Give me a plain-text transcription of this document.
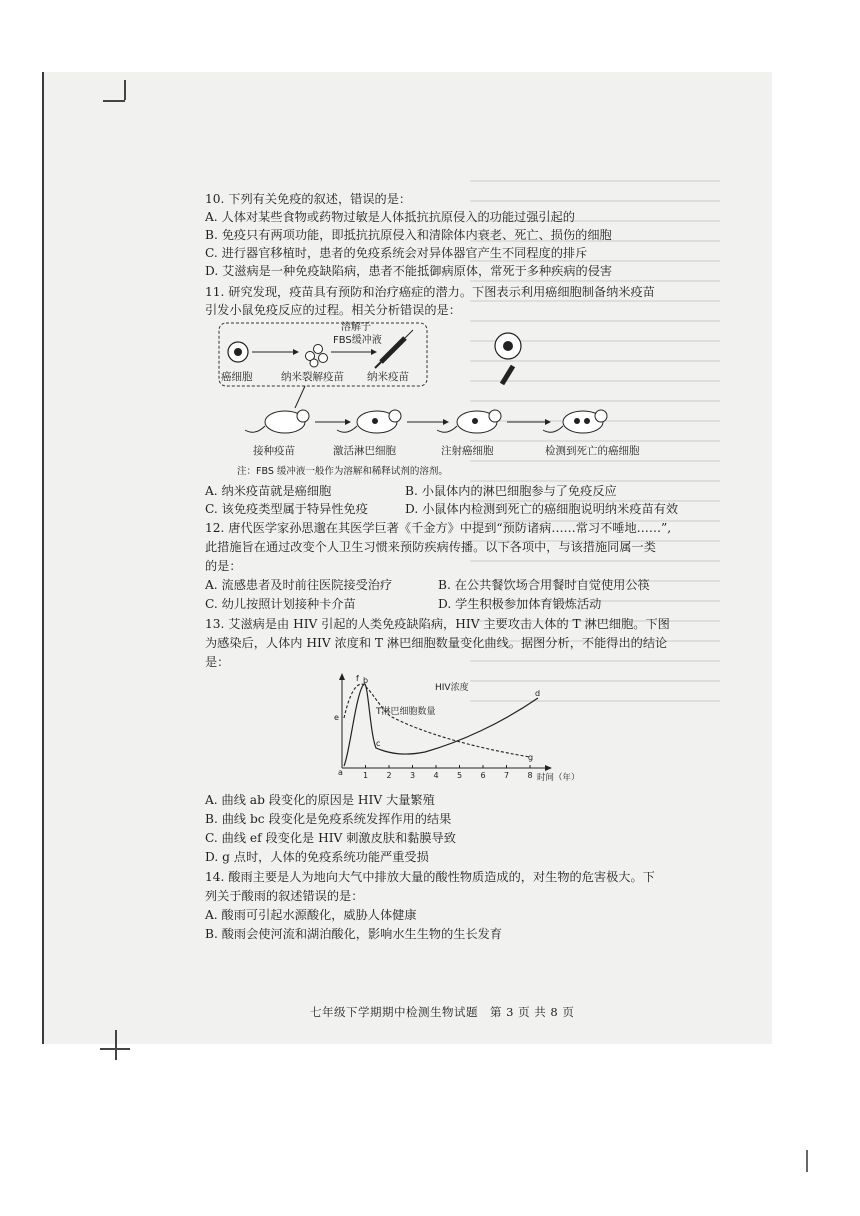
10. 下列有关免疫的叙述，错误的是：
A. 人体对某些食物或药物过敏是人体抵抗抗原侵入的功能过强引起的
B. 免疫只有两项功能，即抵抗抗原侵入和清除体内衰老、死亡、损伤的细胞
C. 进行器官移植时，患者的免疫系统会对异体器官产生不同程度的排斥
D. 艾滋病是一种免疫缺陷病，患者不能抵御病原体，常死于多种疾病的侵害
11. 研究发现，疫苗具有预防和治疗癌症的潜力。下图表示利用癌细胞制备纳米疫苗
引发小鼠免疫反应的过程。相关分析错误的是：
溶解于
FBS缓冲液
癌细胞	纳米裂解疫苗 纳米疫苗
接种疫苗	激活淋巴细胞	注射癌细胞	检测到死亡的癌细胞
注：FBS 缓冲液一般作为溶解和稀释试剂的溶剂。
A. 纳米疫苗就是癌细胞	B. 小鼠体内的淋巴细胞参与了免疫反应
C. 该免疫类型属于特异性免疫	D. 小鼠体内检测到死亡的癌细胞说明纳米疫苗有效
12. 唐代医学家孙思邈在其医学巨著《千金方》中提到“预防诸病……常习不唾地……”,
此措施旨在通过改变个人卫生习惯来预防疾病传播。以下各项中，与该措施同属一类
的是：
A. 流感患者及时前往医院接受治疗	B. 在公共餐饮场合用餐时自觉使用公筷
C. 幼儿按照计划接种卡介苗	D. 学生积极参加体育锻炼活动
13. 艾滋病是由 HIV 引起的人类免疫缺陷病，HIV 主要攻击人体的 T 淋巴细胞。下图
为感染后，人体内 HIV 浓度和 T 淋巴细胞数量变化曲线。据图分析，不能得出的结论
是：
1 2 3 4 5 6 7 8
HIV浓度
T淋巴细胞数量
时间（年）
a
b
c
d
e
f
g
A. 曲线 ab 段变化的原因是 HIV 大量繁殖
B. 曲线 bc 段变化是免疫系统发挥作用的结果
C. 曲线 ef 段变化是 HIV 刺激皮肤和黏膜导致
D. g 点时，人体的免疫系统功能严重受损
14. 酸雨主要是人为地向大气中排放大量的酸性物质造成的，对生物的危害极大。下
列关于酸雨的叙述错误的是：
A. 酸雨可引起水源酸化，威胁人体健康
B. 酸雨会使河流和湖泊酸化，影响水生生物的生长发育
七年级下学期期中检测生物试题　第 3 页 共 8 页
